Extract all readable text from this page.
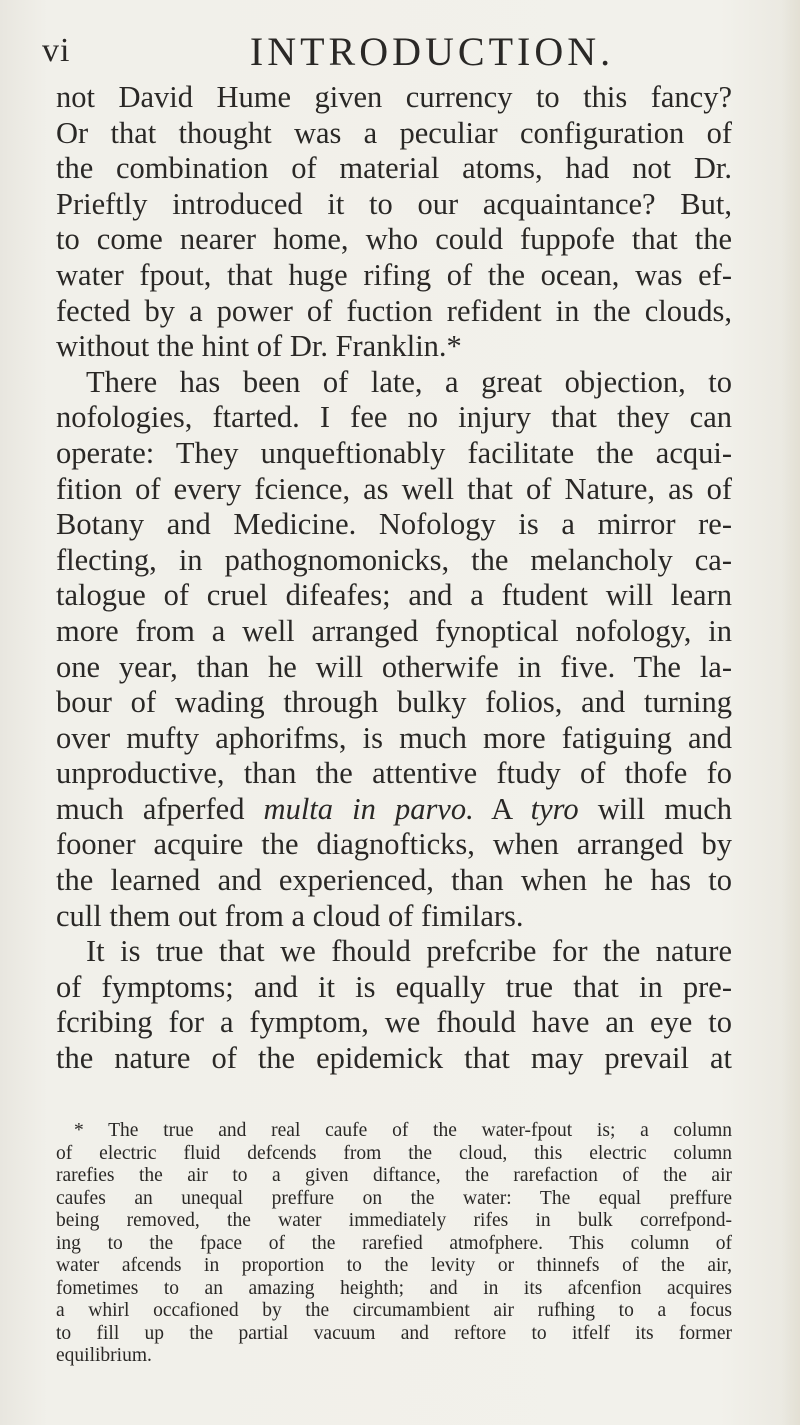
vi	INTRODUCTION.
not David Hume given currency to this fancy?
Or that thought was a peculiar configuration of
the combination of material atoms, had not Dr.
Prieftly introduced it to our acquaintance? But,
to come nearer home, who could fuppofe that the
water fpout, that huge rifing of the ocean, was ef-
fected by a power of fuction refident in the clouds,
without the hint of Dr. Franklin.*
There has been of late, a great objection, to
nofologies, ftarted. I fee no injury that they can
operate: They unqueftionably facilitate the acqui-
fition of every fcience, as well that of Nature, as of
Botany and Medicine. Nofology is a mirror re-
flecting, in pathognomonicks, the melancholy ca-
talogue of cruel difeafes; and a ftudent will learn
more from a well arranged fynoptical nofology, in
one year, than he will otherwife in five. The la-
bour of wading through bulky folios, and turning
over mufty aphorifms, is much more fatiguing and
unproductive, than the attentive ftudy of thofe fo
much afperfed multa in parvo. A tyro will much
fooner acquire the diagnofticks, when arranged by
the learned and experienced, than when he has to
cull them out from a cloud of fimilars.
It is true that we fhould prefcribe for the nature
of fymptoms; and it is equally true that in pre-
fcribing for a fymptom, we fhould have an eye to
the nature of the epidemick that may prevail at
* The true and real caufe of the water-fpout is; a column
of electric fluid defcends from the cloud, this electric column
rarefies the air to a given diftance, the rarefaction of the air
caufes an unequal preffure on the water: The equal preffure
being removed, the water immediately rifes in bulk correfpond-
ing to the fpace of the rarefied atmofphere. This column of
water afcends in proportion to the levity or thinnefs of the air,
fometimes to an amazing heighth; and in its afcenfion acquires
a whirl occafioned by the circumambient air rufhing to a focus
to fill up the partial vacuum and reftore to itfelf its former
equilibrium.
